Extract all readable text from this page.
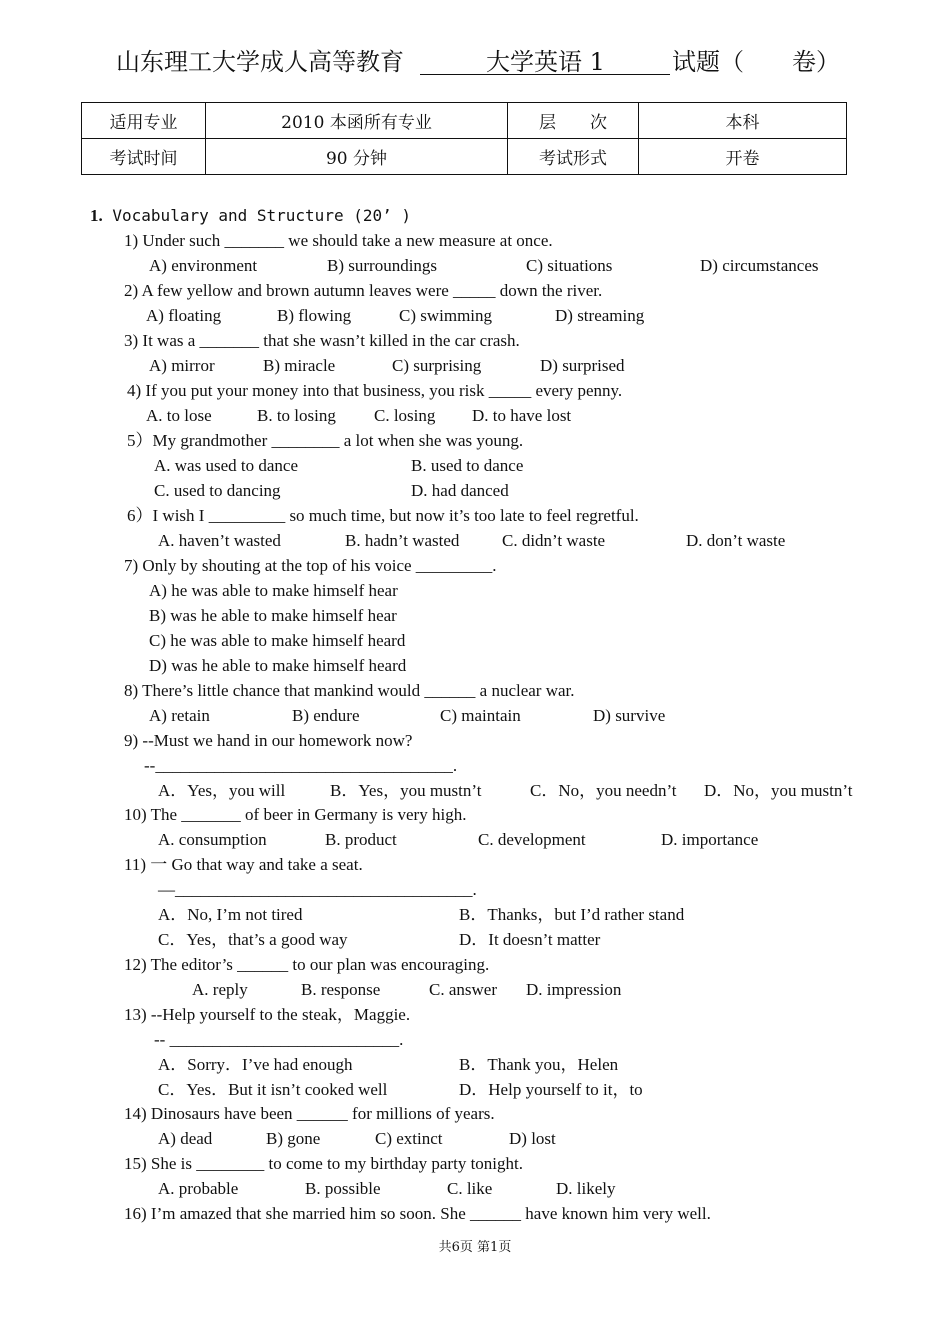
山东理工大学成人高等教育	大学英语 1	试题（　　卷）
适用专业	2010 本函所有专业	层　　次	本科
考试时间	90 分钟	考试形式	开卷
1. Vocabulary and Structure (20’ )
1) Under such _______ we should take a new measure at once.
A) environment	B) surroundings	C) situations	D) circumstances
2) A few yellow and brown autumn leaves were _____ down the river.
A) floating	B) flowing	C) swimming	D) streaming
3) It was a _______ that she wasn’t killed in the car crash.
A) mirror	B) miracle	C) surprising	D) surprised
4) If you put your money into that business, you risk _____ every penny.
A. to lose	B. to losing C. losing D. to have lost
5）My grandmother ________ a lot when she was young.
A. was used to dance	B. used to dance
C. used to dancing	D. had danced
6）I wish I _________ so much time, but now it’s too late to feel regretful.
A. haven’t wasted	B. hadn’t wasted	C. didn’t waste	D. don’t waste
7) Only by shouting at the top of his voice _________.
A) he was able to make himself hear
B) was he able to make himself hear
C) he was able to make himself heard
D) was he able to make himself heard
8) There’s little chance that mankind would ______ a nuclear war.
A) retain	B) endure	C) maintain	D) survive
9) --Must we hand in our homework now?
--___________________________________.
A．Yes，you will	B．Yes，you mustn’t	C．No，you needn’t D．No，you mustn’t
10) The _______ of beer in Germany is very high.
A. consumption	B. product	C. development	D. importance
11) 一 Go that way and take a seat.
—___________________________________.
A．No, I’m not tired	B．Thanks，but I’d rather stand
C．Yes，that’s a good way	D．It doesn’t matter
12) The editor’s ______ to our plan was encouraging.
A. reply	B. response	C. answer D. impression
13) --Help yourself to the steak，Maggie.
-- ___________________________.
A．Sorry．I’ve had enough	B．Thank you，Helen
C．Yes．But it isn’t cooked well	D．Help yourself to it，to
14) Dinosaurs have been ______ for millions of years.
A) dead	B) gone	C) extinct	D) lost
15) She is ________ to come to my birthday party tonight.
A. probable	B. possible	C. like	D. likely
16) I’m amazed that she married him so soon. She ______ have known him very well.
共6页 第1页
